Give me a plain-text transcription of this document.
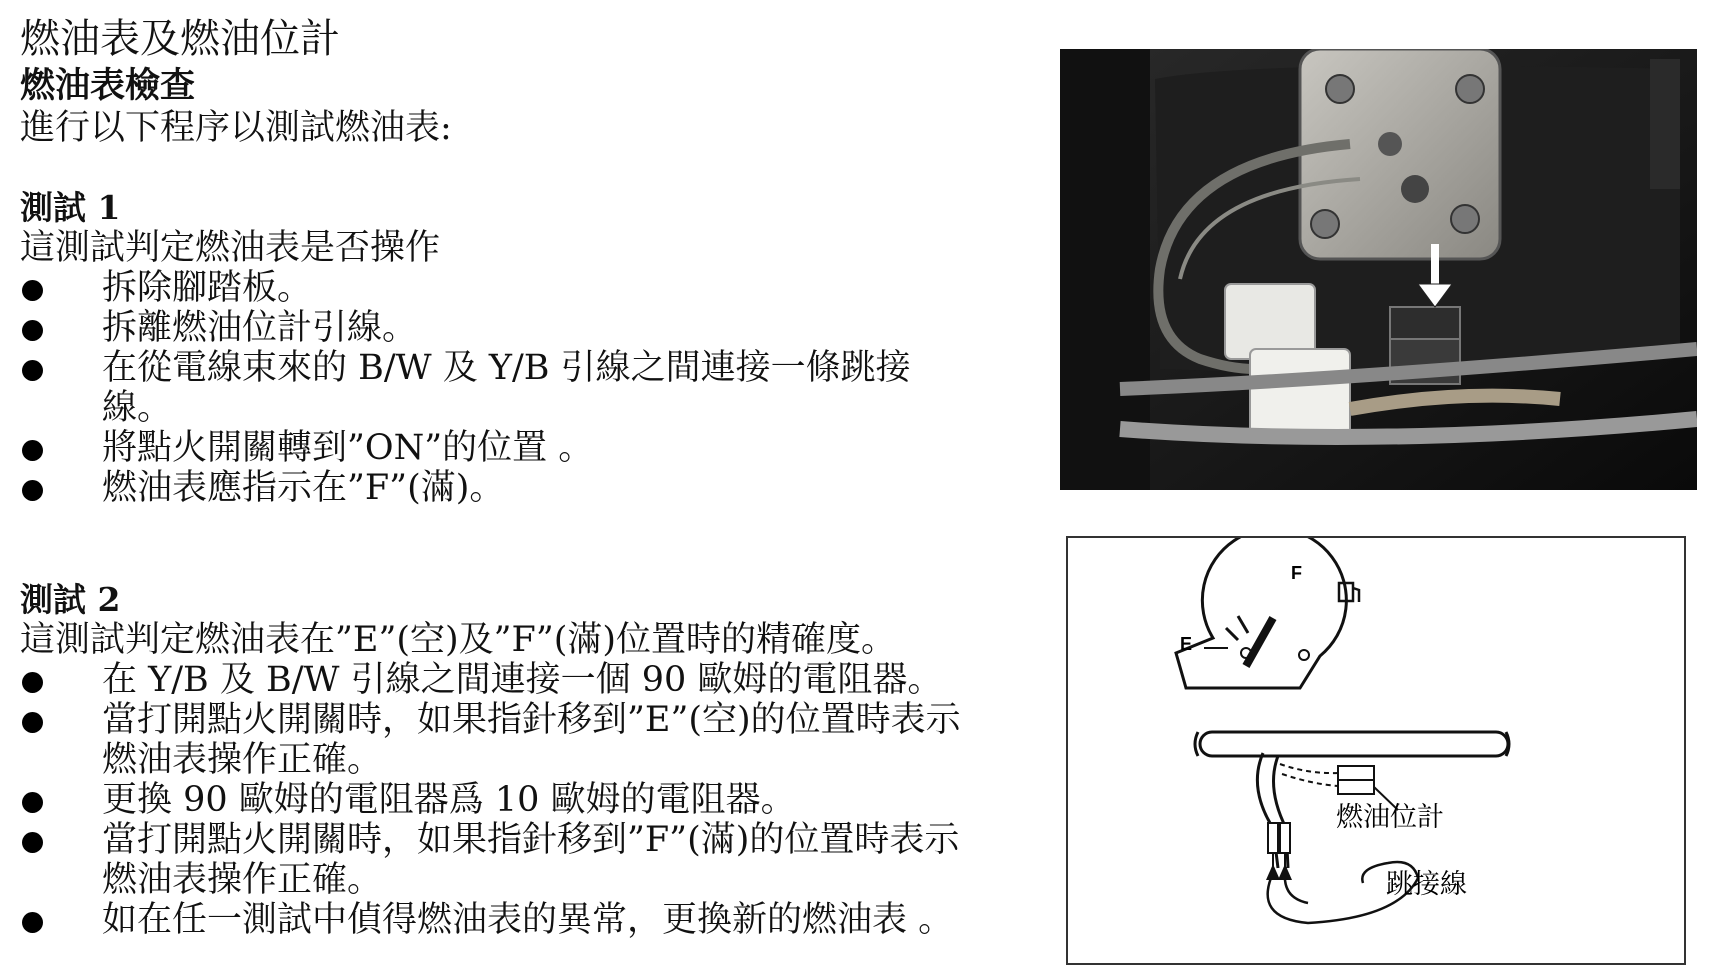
燃油表及燃油位計
燃油表檢查

進行以下程序以測試燃油表:

測試 1

這測試判定燃油表是否操作

拆除腳踏板。
拆離燃油位計引線。
在從電線束來的 B/W 及 Y/B 引線之間連接一條跳接線。
將點火開關轉到”ON”的位置 。
燃油表應指示在”F”(滿)。

測試 2

這測試判定燃油表在”E”(空)及”F”(滿)位置時的精確度。

在 Y/B 及 B/W 引線之間連接一個 90 歐姆的電阻器。
當打開點火開關時，如果指針移到”E”(空)的位置時表示燃油表操作正確。
更換 90 歐姆的電阻器爲 10 歐姆的電阻器。
當打開點火開關時，如果指針移到”F”(滿)的位置時表示燃油表操作正確。
如在任一測試中偵得燃油表的異常，更換新的燃油表 。
F
E
燃油位計
跳接線
